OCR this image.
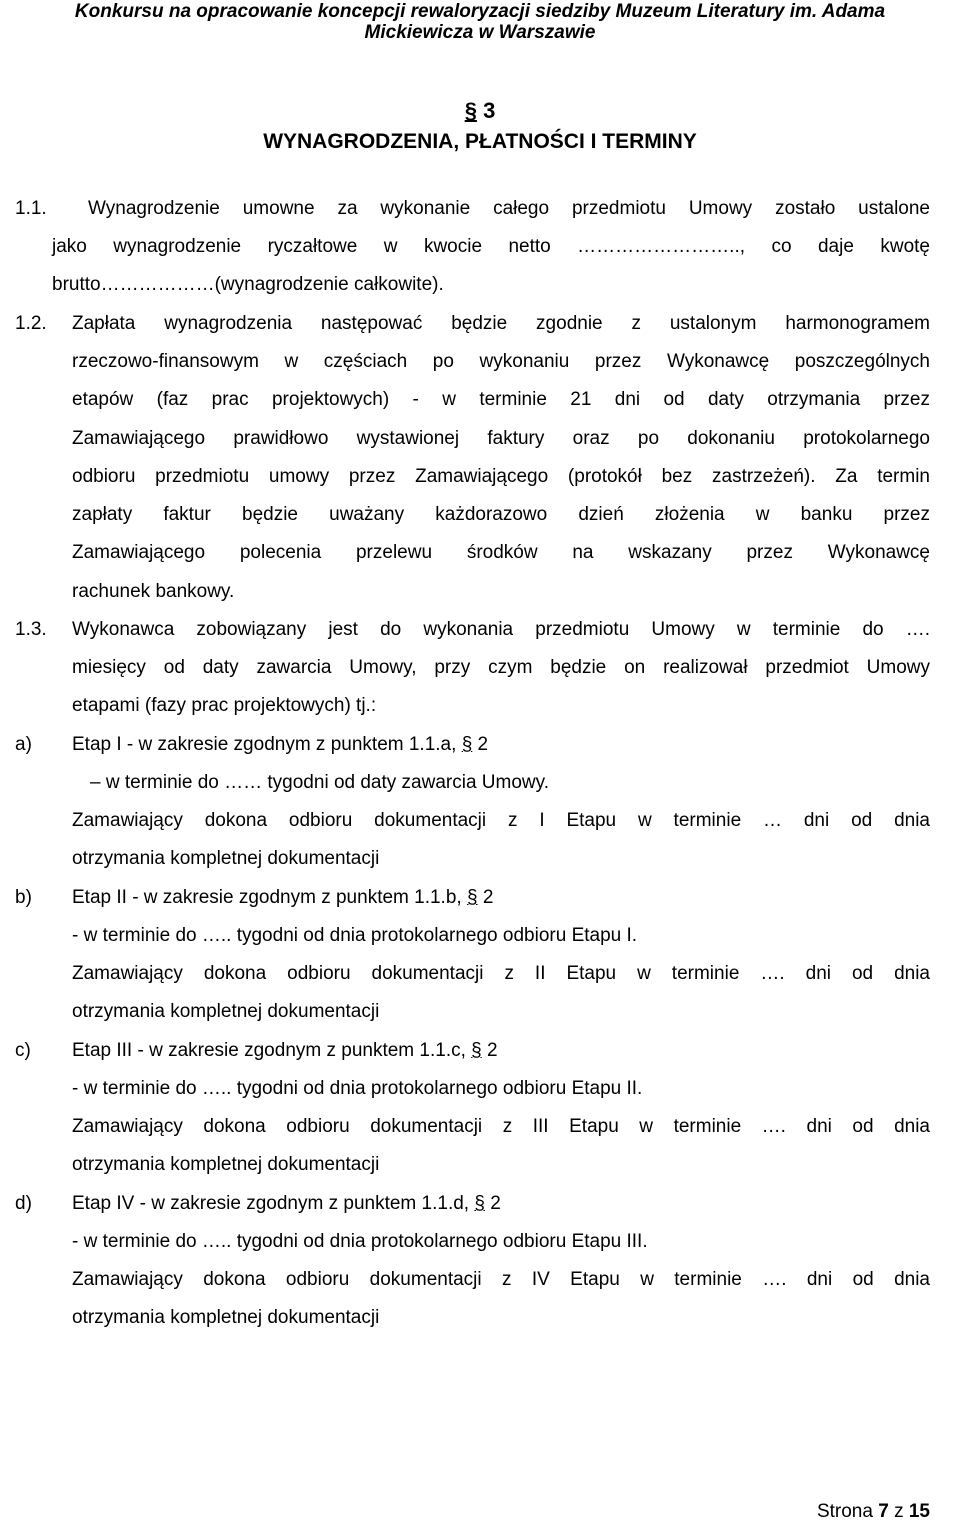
Konkursu na opracowanie koncepcji rewaloryzacji siedziby Muzeum Literatury im. Adama
Mickiewicza w Warszawie
§ 3
WYNAGRODZENIA, PŁATNOŚCI I TERMINY
1.1. Wynagrodzenie umowne za wykonanie całego przedmiotu Umowy zostało ustalone
jako wynagrodzenie ryczałtowe w kwocie netto …………………….., co daje kwotę
brutto………………(wynagrodzenie całkowite).
1.2. Zapłata wynagrodzenia następować będzie zgodnie z ustalonym harmonogramem
rzeczowo-finansowym w częściach po wykonaniu przez Wykonawcę poszczególnych
etapów (faz prac projektowych) - w terminie 21 dni od daty otrzymania przez
Zamawiającego prawidłowo wystawionej faktury oraz po dokonaniu protokolarnego
odbioru przedmiotu umowy przez Zamawiającego (protokół bez zastrzeżeń). Za termin
zapłaty faktur będzie uważany każdorazowo dzień złożenia w banku przez
Zamawiającego polecenia przelewu środków na wskazany przez Wykonawcę
rachunek bankowy.
1.3. Wykonawca zobowiązany jest do wykonania przedmiotu Umowy w terminie do ….
miesięcy od daty zawarcia Umowy, przy czym będzie on realizował przedmiot Umowy
etapami (fazy prac projektowych) tj.:
a) Etap I - w zakresie zgodnym z punktem 1.1.a, § 2
– w terminie do …… tygodni od daty zawarcia Umowy.
Zamawiający dokona odbioru dokumentacji z I Etapu w terminie … dni od dnia
otrzymania kompletnej dokumentacji
b) Etap II - w zakresie zgodnym z punktem 1.1.b, § 2
- w terminie do ….. tygodni od dnia protokolarnego odbioru Etapu I.
Zamawiający dokona odbioru dokumentacji z II Etapu w terminie …. dni od dnia
otrzymania kompletnej dokumentacji
c) Etap III - w zakresie zgodnym z punktem 1.1.c, § 2
- w terminie do ….. tygodni od dnia protokolarnego odbioru Etapu II.
Zamawiający dokona odbioru dokumentacji z III Etapu w terminie …. dni od dnia
otrzymania kompletnej dokumentacji
d) Etap IV - w zakresie zgodnym z punktem 1.1.d, § 2
- w terminie do ….. tygodni od dnia protokolarnego odbioru Etapu III.
Zamawiający dokona odbioru dokumentacji z IV Etapu w terminie …. dni od dnia
otrzymania kompletnej dokumentacji
Strona 7 z 15
